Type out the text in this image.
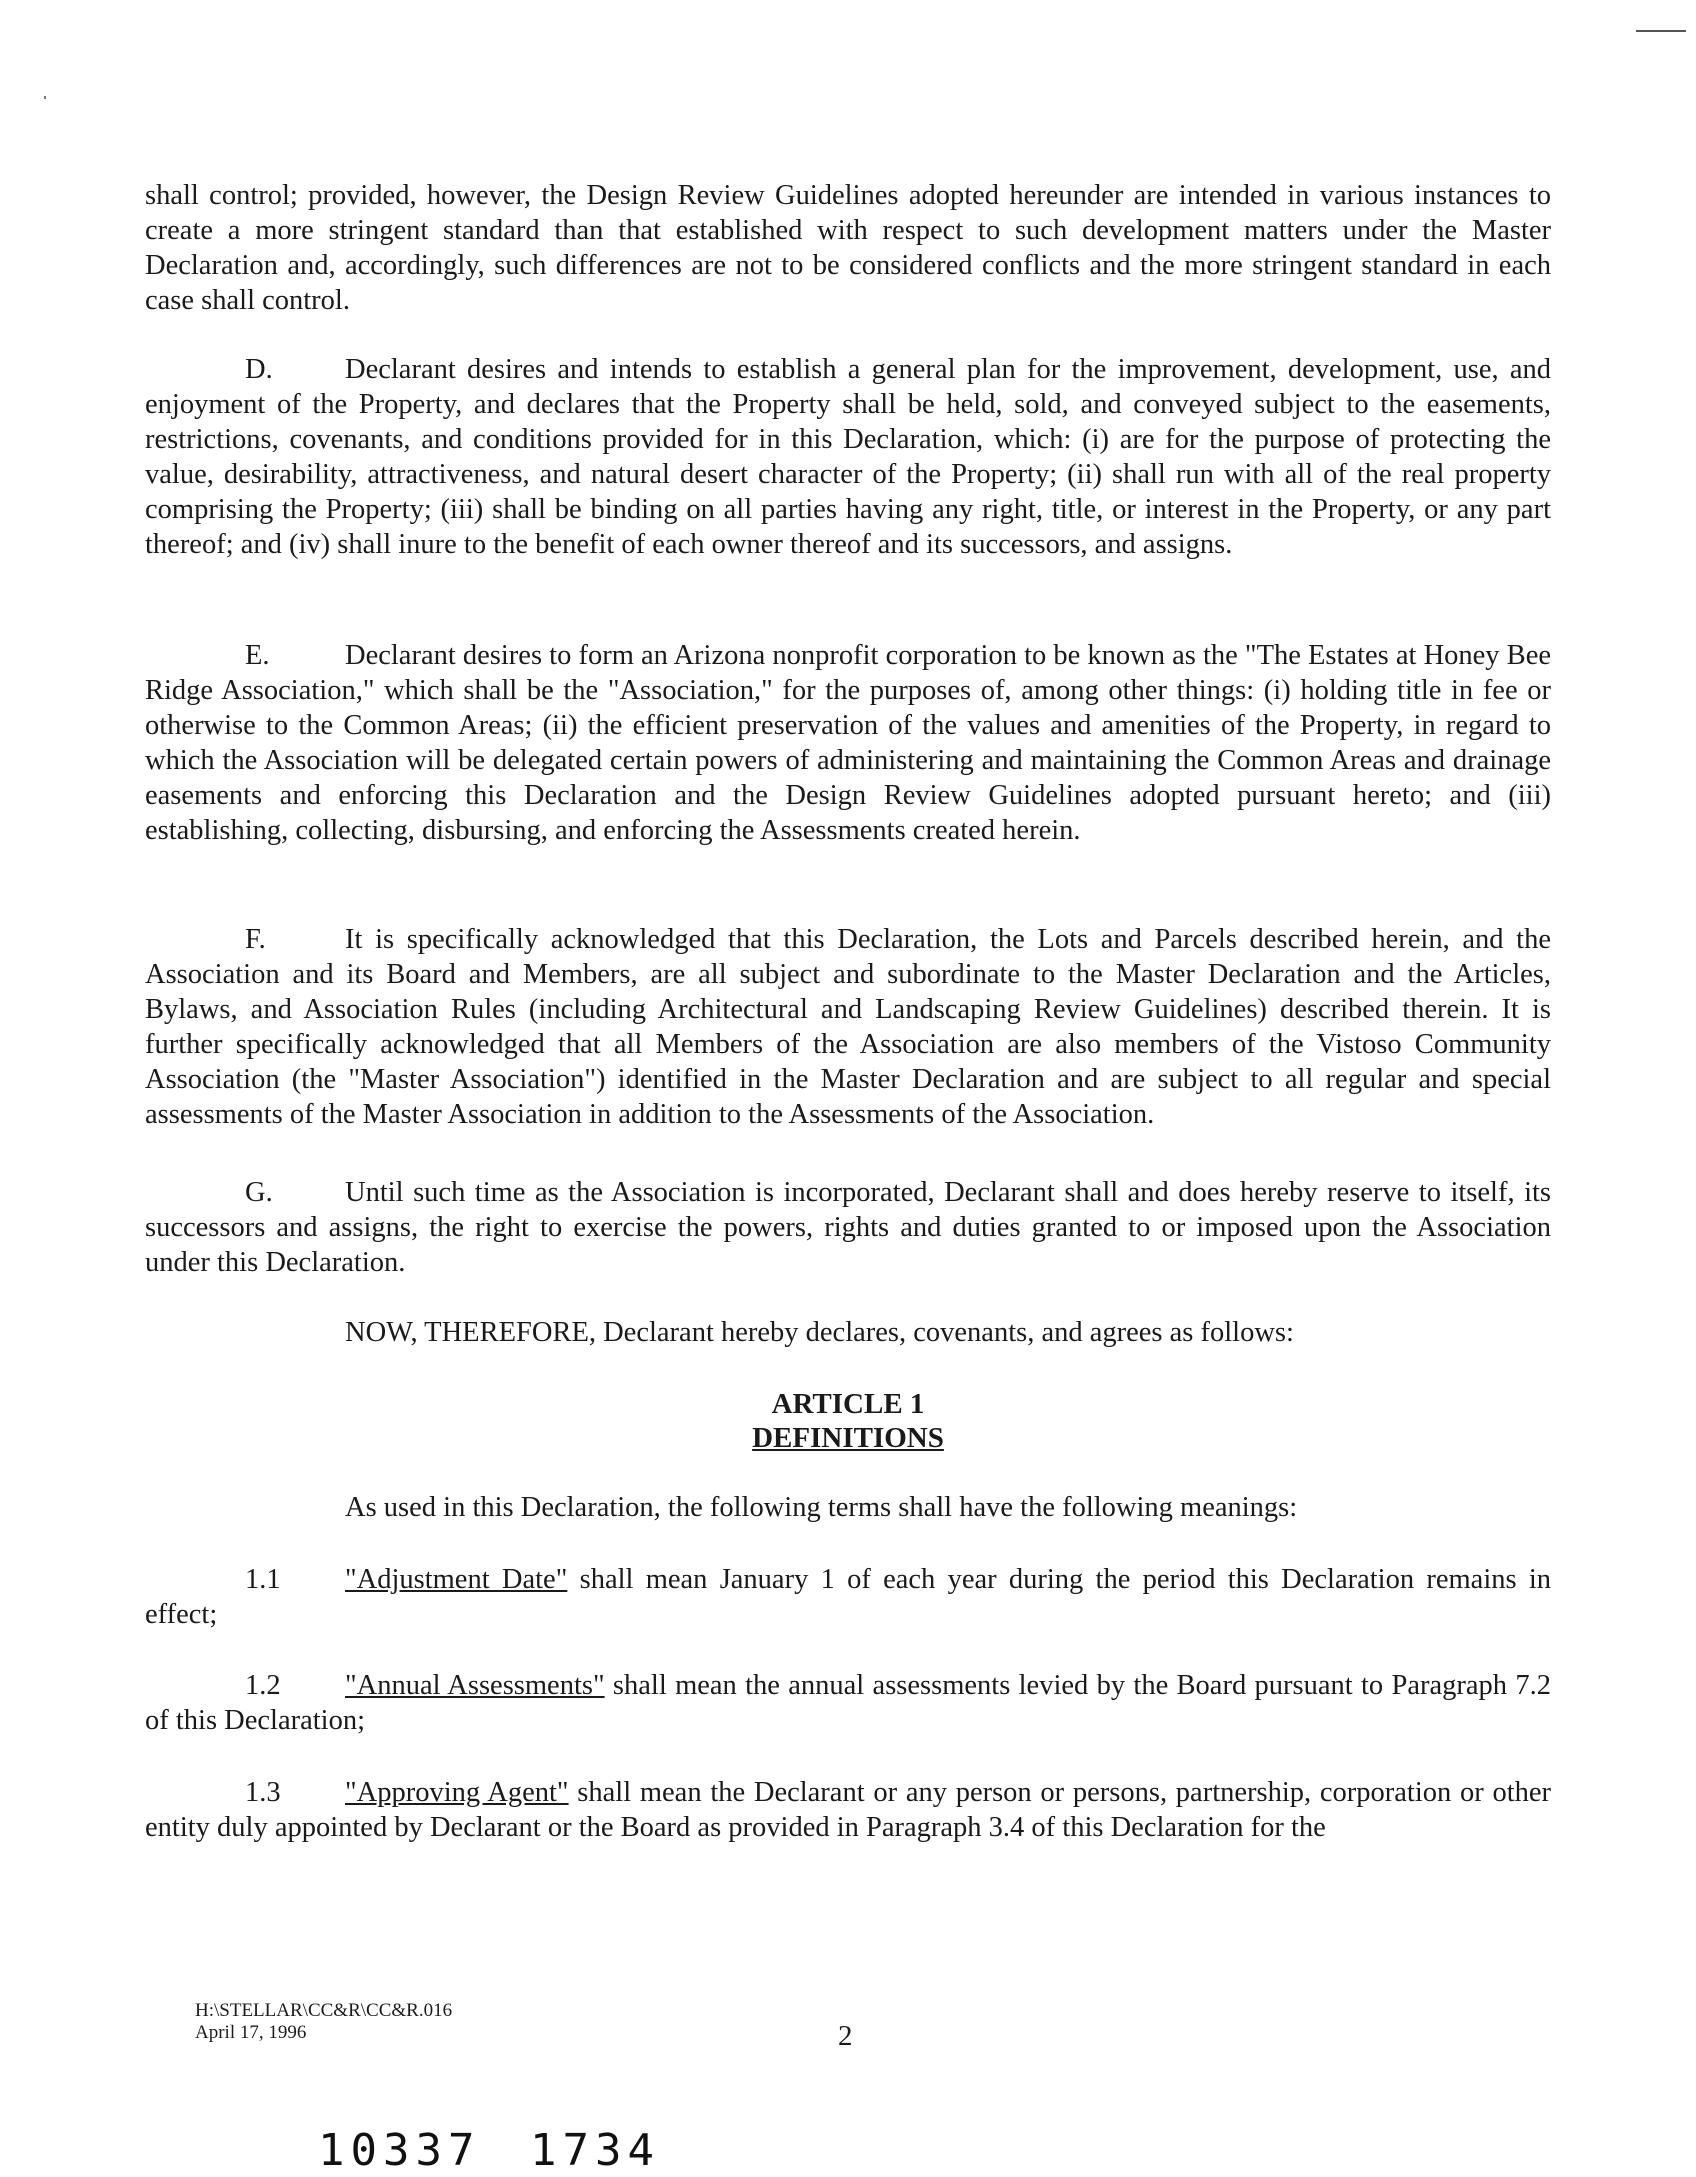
shall control; provided, however, the Design Review Guidelines adopted hereunder are intended in various instances to create a more stringent standard than that established with respect to such development matters under the Master Declaration and, accordingly, such differences are not to be considered conflicts and the more stringent standard in each case shall control.

D.	Declarant desires and intends to establish a general plan for the improvement, development, use, and enjoyment of the Property, and declares that the Property shall be held, sold, and conveyed subject to the easements, restrictions, covenants, and conditions provided for in this Declaration, which: (i) are for the purpose of protecting the value, desirability, attractiveness, and natural desert character of the Property; (ii) shall run with all of the real property comprising the Property; (iii) shall be binding on all parties having any right, title, or interest in the Property, or any part thereof; and (iv) shall inure to the benefit of each owner thereof and its successors, and assigns.

E.	Declarant desires to form an Arizona nonprofit corporation to be known as the "The Estates at Honey Bee Ridge Association," which shall be the "Association," for the purposes of, among other things: (i) holding title in fee or otherwise to the Common Areas; (ii) the efficient preservation of the values and amenities of the Property, in regard to which the Association will be delegated certain powers of administering and maintaining the Common Areas and drainage easements and enforcing this Declaration and the Design Review Guidelines adopted pursuant hereto; and (iii) establishing, collecting, disbursing, and enforcing the Assessments created herein.

F.	It is specifically acknowledged that this Declaration, the Lots and Parcels described herein, and the Association and its Board and Members, are all subject and subordinate to the Master Declaration and the Articles, Bylaws, and Association Rules (including Architectural and Landscaping Review Guidelines) described therein. It is further specifically acknowledged that all Members of the Association are also members of the Vistoso Community Association (the "Master Association") identified in the Master Declaration and are subject to all regular and special assessments of the Master Association in addition to the Assessments of the Association.

G.	Until such time as the Association is incorporated, Declarant shall and does hereby reserve to itself, its successors and assigns, the right to exercise the powers, rights and duties granted to or imposed upon the Association under this Declaration.

NOW, THEREFORE, Declarant hereby declares, covenants, and agrees as follows:

ARTICLE 1

DEFINITIONS

As used in this Declaration, the following terms shall have the following meanings:

1.1 "Adjustment Date" shall mean January 1 of each year during the period this Declaration remains in effect;

1.2 "Annual Assessments" shall mean the annual assessments levied by the Board pursuant to Paragraph 7.2 of this Declaration;

1.3 "Approving Agent" shall mean the Declarant or any person or persons, partnership, corporation or other entity duly appointed by Declarant or the Board as provided in Paragraph 3.4 of this Declaration for the

H:\STELLAR\CC&R\CC&R.016

April 17, 1996	2

10337 1734
